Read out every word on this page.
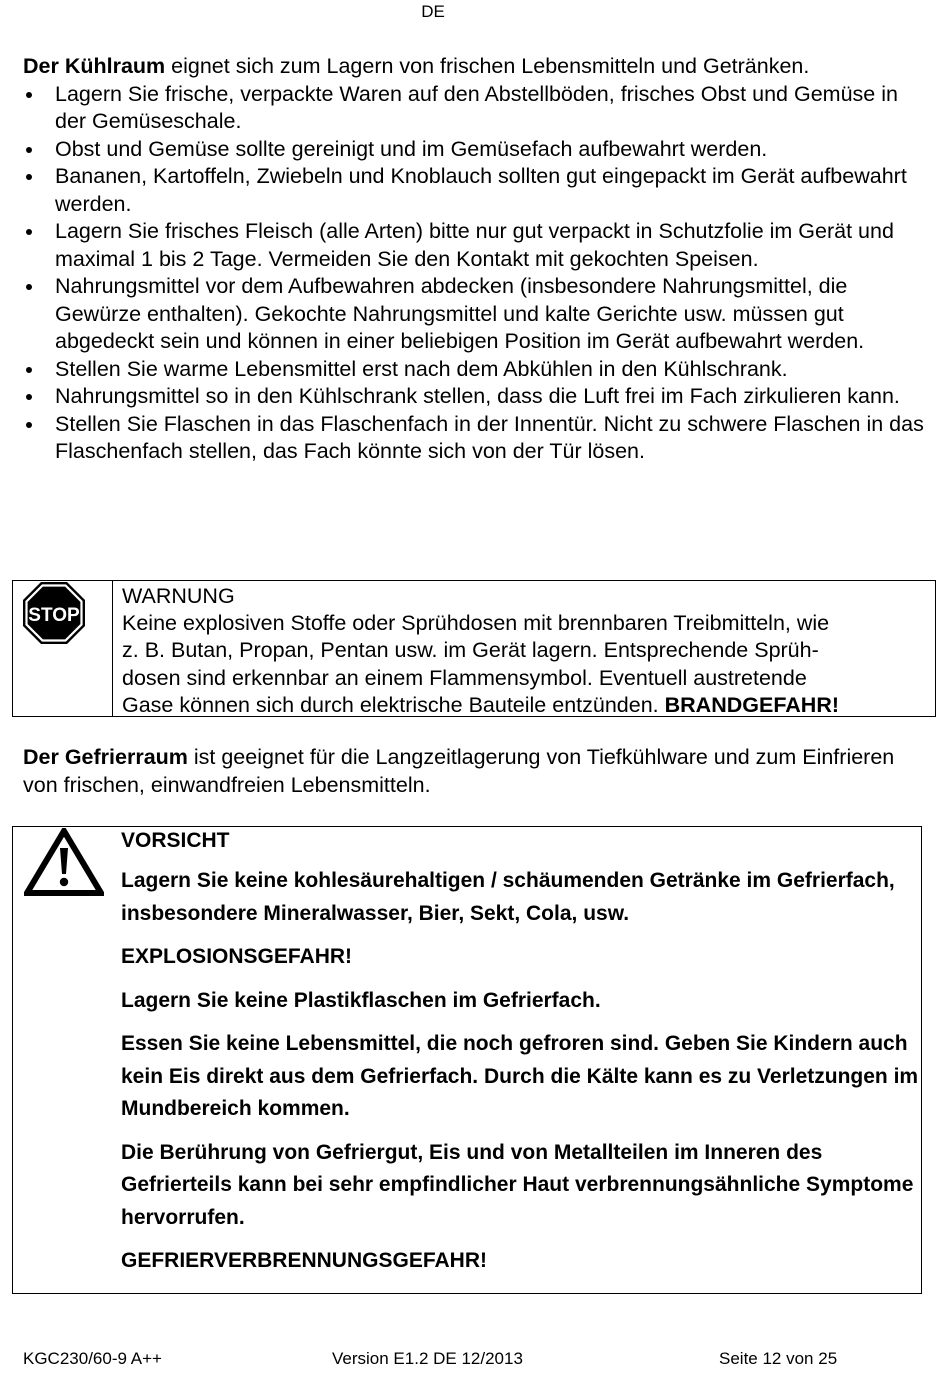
DE

Der Kühlraum eignet sich zum Lagern von frischen Lebensmitteln und Getränken.

Lagern Sie frische, verpackte Waren auf den Abstellböden, frisches Obst und Gemüse in der Gemüseschale.
Obst und Gemüse sollte gereinigt und im Gemüsefach aufbewahrt werden.
Bananen, Kartoffeln, Zwiebeln und Knoblauch sollten gut eingepackt im Gerät aufbewahrt werden.
Lagern Sie frisches Fleisch (alle Arten) bitte nur gut verpackt in Schutzfolie im Gerät und maximal 1 bis 2 Tage. Vermeiden Sie den Kontakt mit gekochten Speisen.
Nahrungsmittel vor dem Aufbewahren abdecken (insbesondere Nahrungsmittel, die Gewürze enthalten). Gekochte Nahrungsmittel und kalte Gerichte usw. müssen gut abgedeckt sein und können in einer beliebigen Position im Gerät aufbewahrt werden.
Stellen Sie warme Lebensmittel erst nach dem Abkühlen in den Kühlschrank.
Nahrungsmittel so in den Kühlschrank stellen, dass die Luft frei im Fach zirkulieren kann.
Stellen Sie Flaschen in das Flaschenfach in der Innentür. Nicht zu schwere Flaschen in das Flaschenfach stellen, das Fach könnte sich von der Tür lösen.
STOP

WARNUNG

Keine explosiven Stoffe oder Sprühdosen mit brennbaren Treibmitteln, wie

z. B. Butan, Propan, Pentan usw. im Gerät lagern. Entsprechende Sprüh-

dosen sind erkennbar an einem Flammensymbol. Eventuell austretende

Gase können sich durch elektrische Bauteile entzünden. BRANDGEFAHR!

Der Gefrierraum ist geeignet für die Langzeitlagerung von Tiefkühlware und zum Einfrieren von frischen, einwandfreien Lebensmitteln.

VORSICHT

Lagern Sie keine kohlesäurehaltigen / schäumenden Getränke im Gefrierfach, insbesondere Mineralwasser, Bier, Sekt, Cola, usw.

EXPLOSIONSGEFAHR!

Lagern Sie keine Plastikflaschen im Gefrierfach.

Essen Sie keine Lebensmittel, die noch gefroren sind. Geben Sie Kindern auch kein Eis direkt aus dem Gefrierfach. Durch die Kälte kann es zu Verletzungen im Mundbereich kommen.

Die Berührung von Gefriergut, Eis und von Metallteilen im Inneren des Gefrierteils kann bei sehr empfindlicher Haut verbrennungsähnliche Symptome hervorrufen.

GEFRIERVERBRENNUNGSGEFAHR!

KGC230/60-9 A++	Version E1.2 DE 12/2013	Seite 12 von 25
